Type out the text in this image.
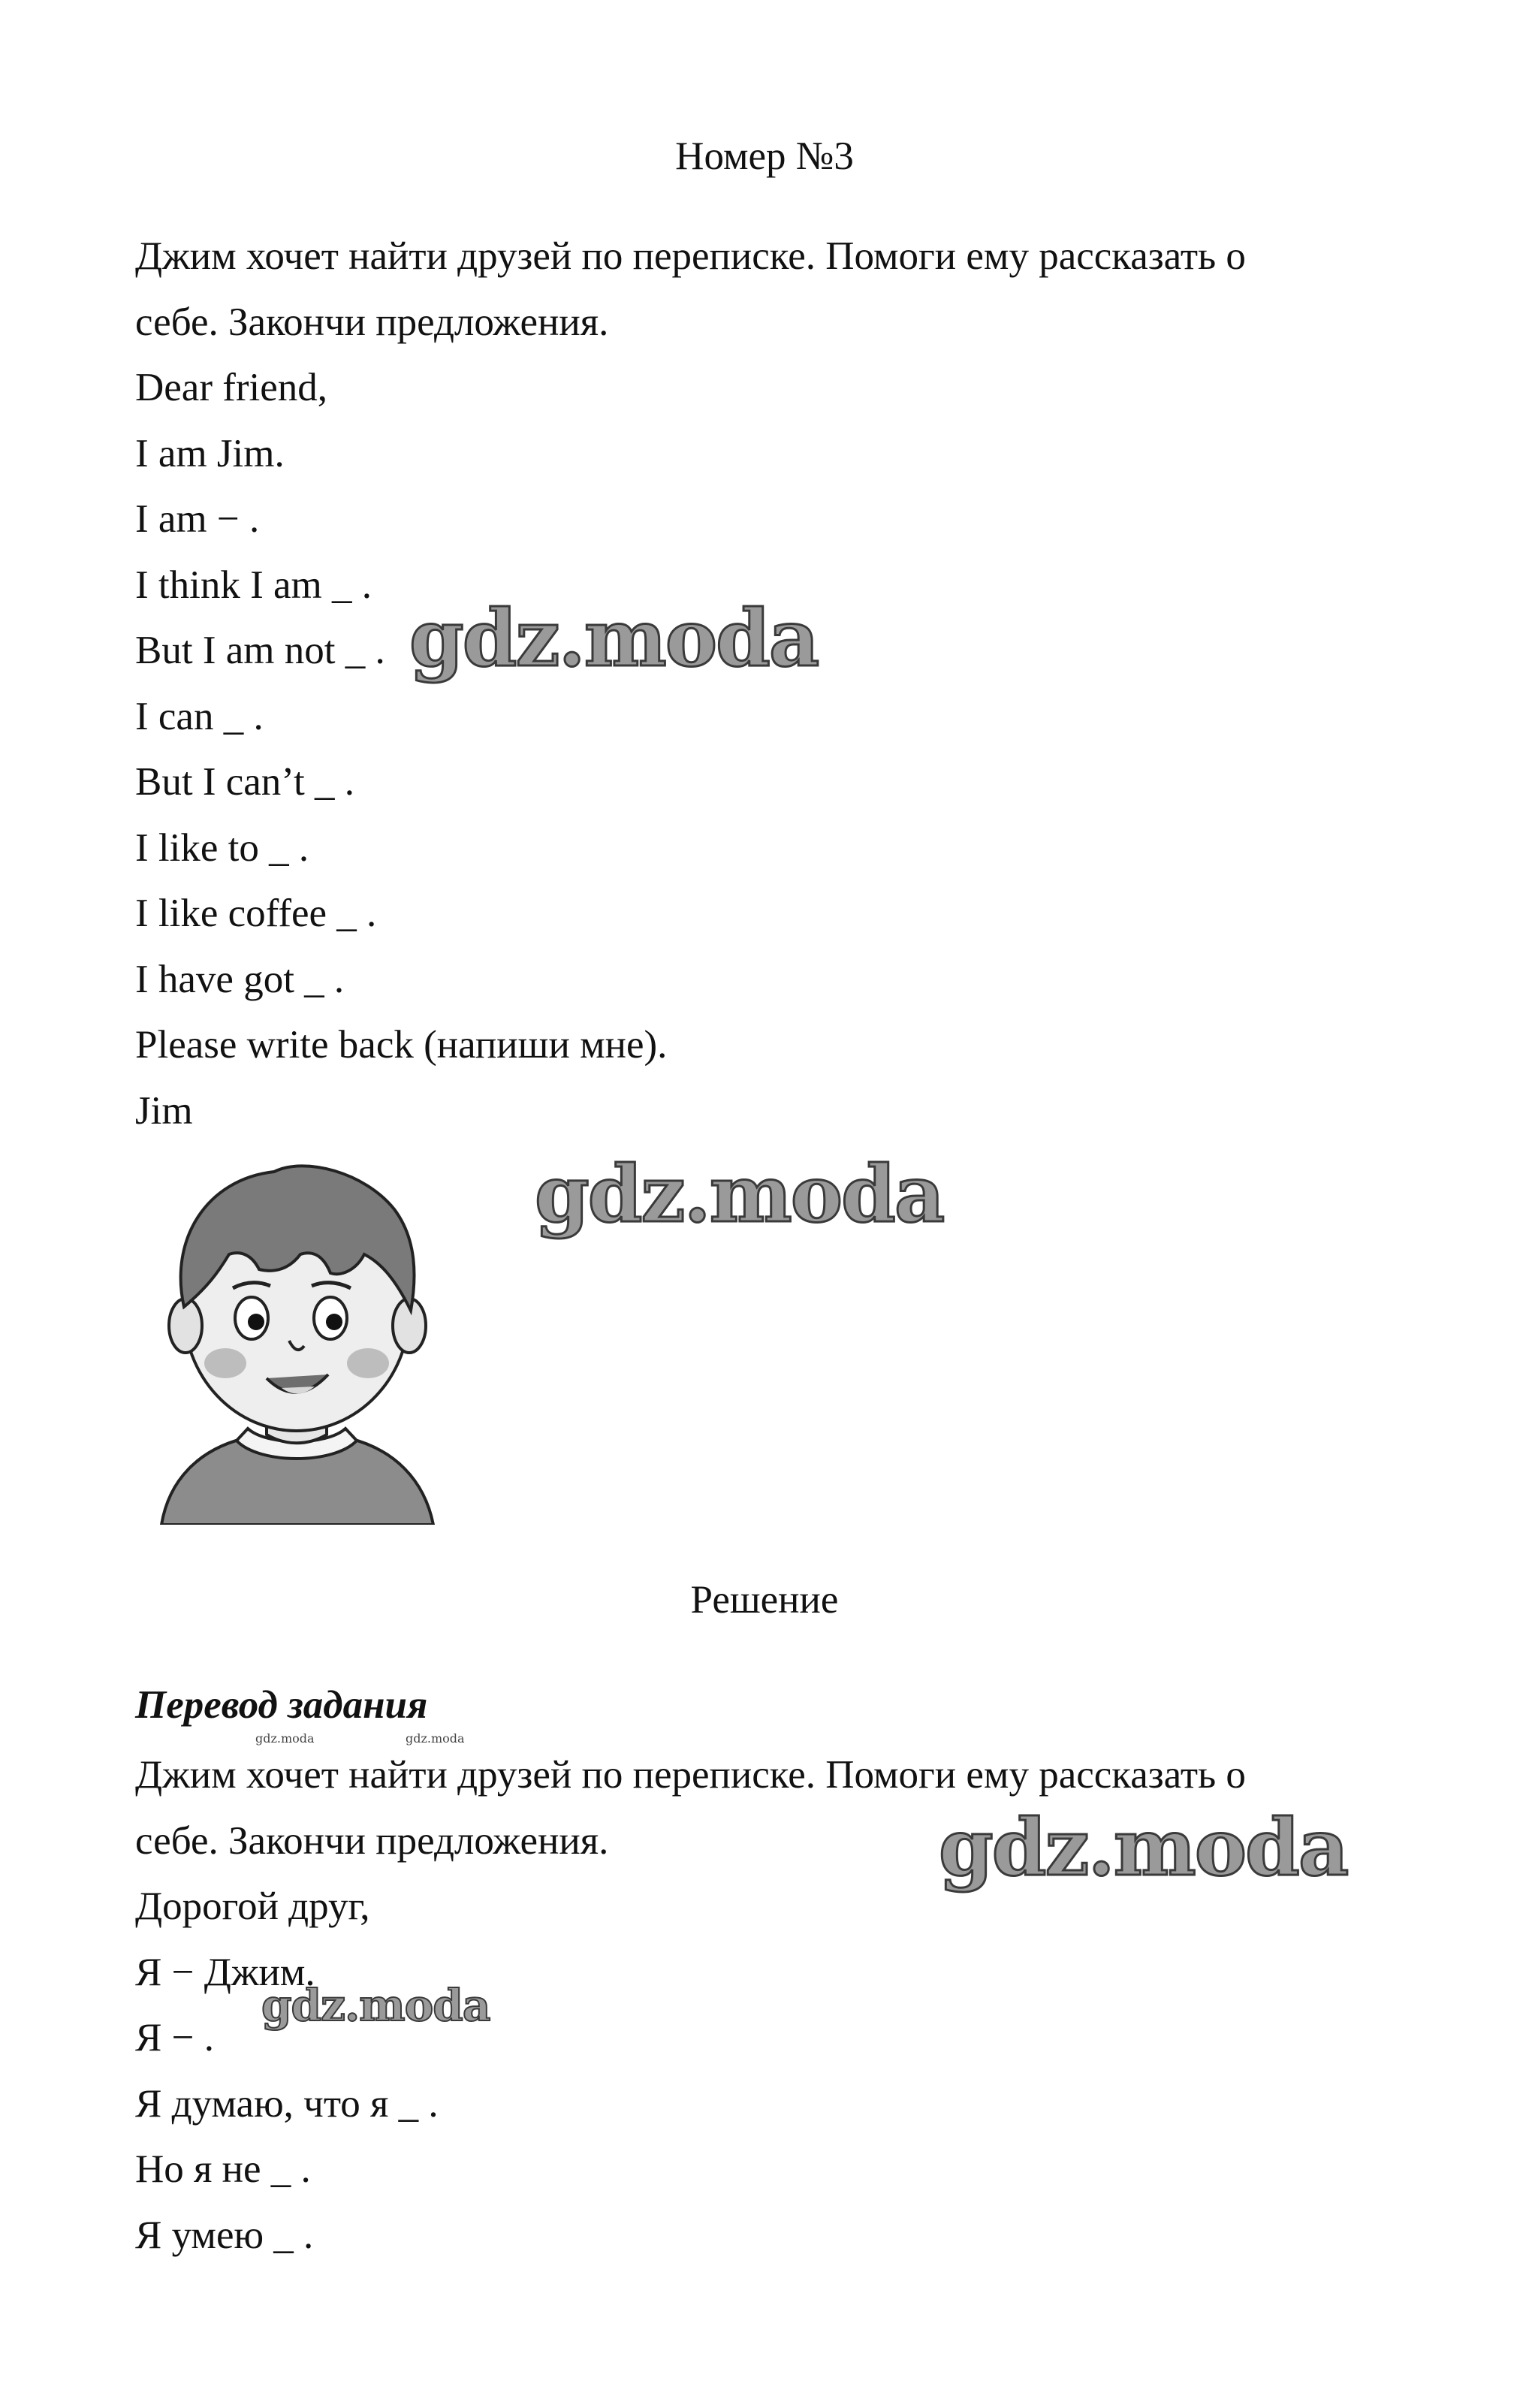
Номер №3
Джим хочет найти друзей по переписке. Помоги ему рассказать о
себе. Закончи предложения.
Dear friend,
I am Jim.
I am − .
I think I am _ .
But I am not _ .
I can _ .
But I can’t _ .
I like to _ .
I like coffee _ .
I have got _ .
Please write back (напиши мне).
Jim
Решение
Перевод задания
Джим хочет найти друзей по переписке. Помоги ему рассказать о
себе. Закончи предложения.
Дорогой друг,
Я − Джим.
Я − .
Я думаю, что я _ .
Но я не _ .
Я умею _ .
gdz.moda
gdz.moda
gdz.moda
gdz.moda
gdz.moda	gdz.moda
